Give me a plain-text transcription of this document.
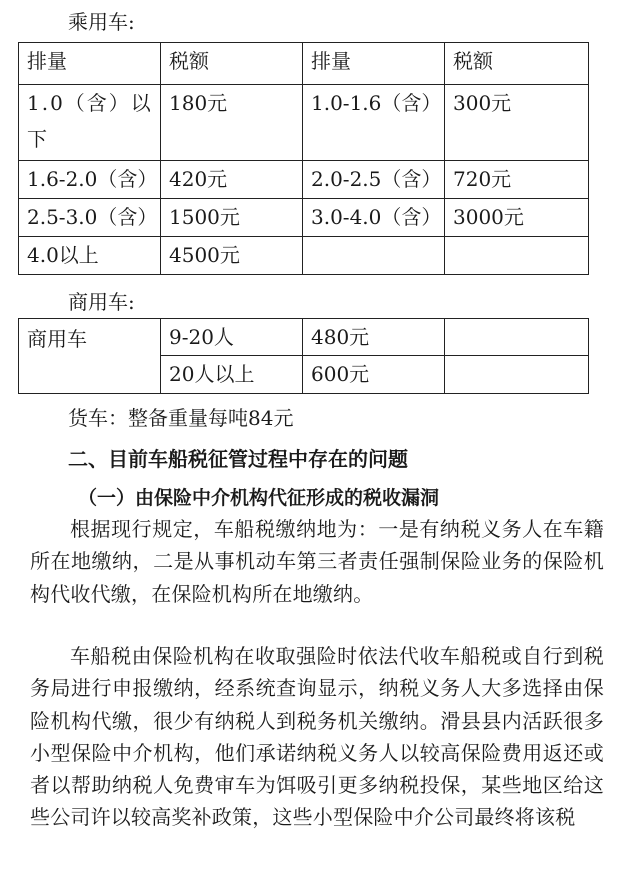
乘用车:
排量	税额	排量	税额
1.0（含）以下	180元	1.0-1.6（含）	300元
1.6-2.0（含）	420元	2.0-2.5（含）	720元
2.5-3.0（含）	1500元	3.0-4.0（含）	3000元
4.0以上	4500元		
商用车:
商用车	9-20人	480元	
	20人以上	600元	
货车：整备重量每吨84元
二、目前车船税征管过程中存在的问题
（一）由保险中介机构代征形成的税收漏洞
根据现行规定，车船税缴纳地为：一是有纳税义务人在车籍所在地缴纳，二是从事机动车第三者责任强制保险业务的保险机构代收代缴，在保险机构所在地缴纳。
车船税由保险机构在收取强险时依法代收车船税或自行到税务局进行申报缴纳，经系统查询显示，纳税义务人大多选择由保险机构代缴，很少有纳税人到税务机关缴纳。滑县县内活跃很多小型保险中介机构，他们承诺纳税义务人以较高保险费用返还或者以帮助纳税人免费审车为饵吸引更多纳税投保，某些地区给这些公司许以较高奖补政策，这些小型保险中介公司最终将该税
